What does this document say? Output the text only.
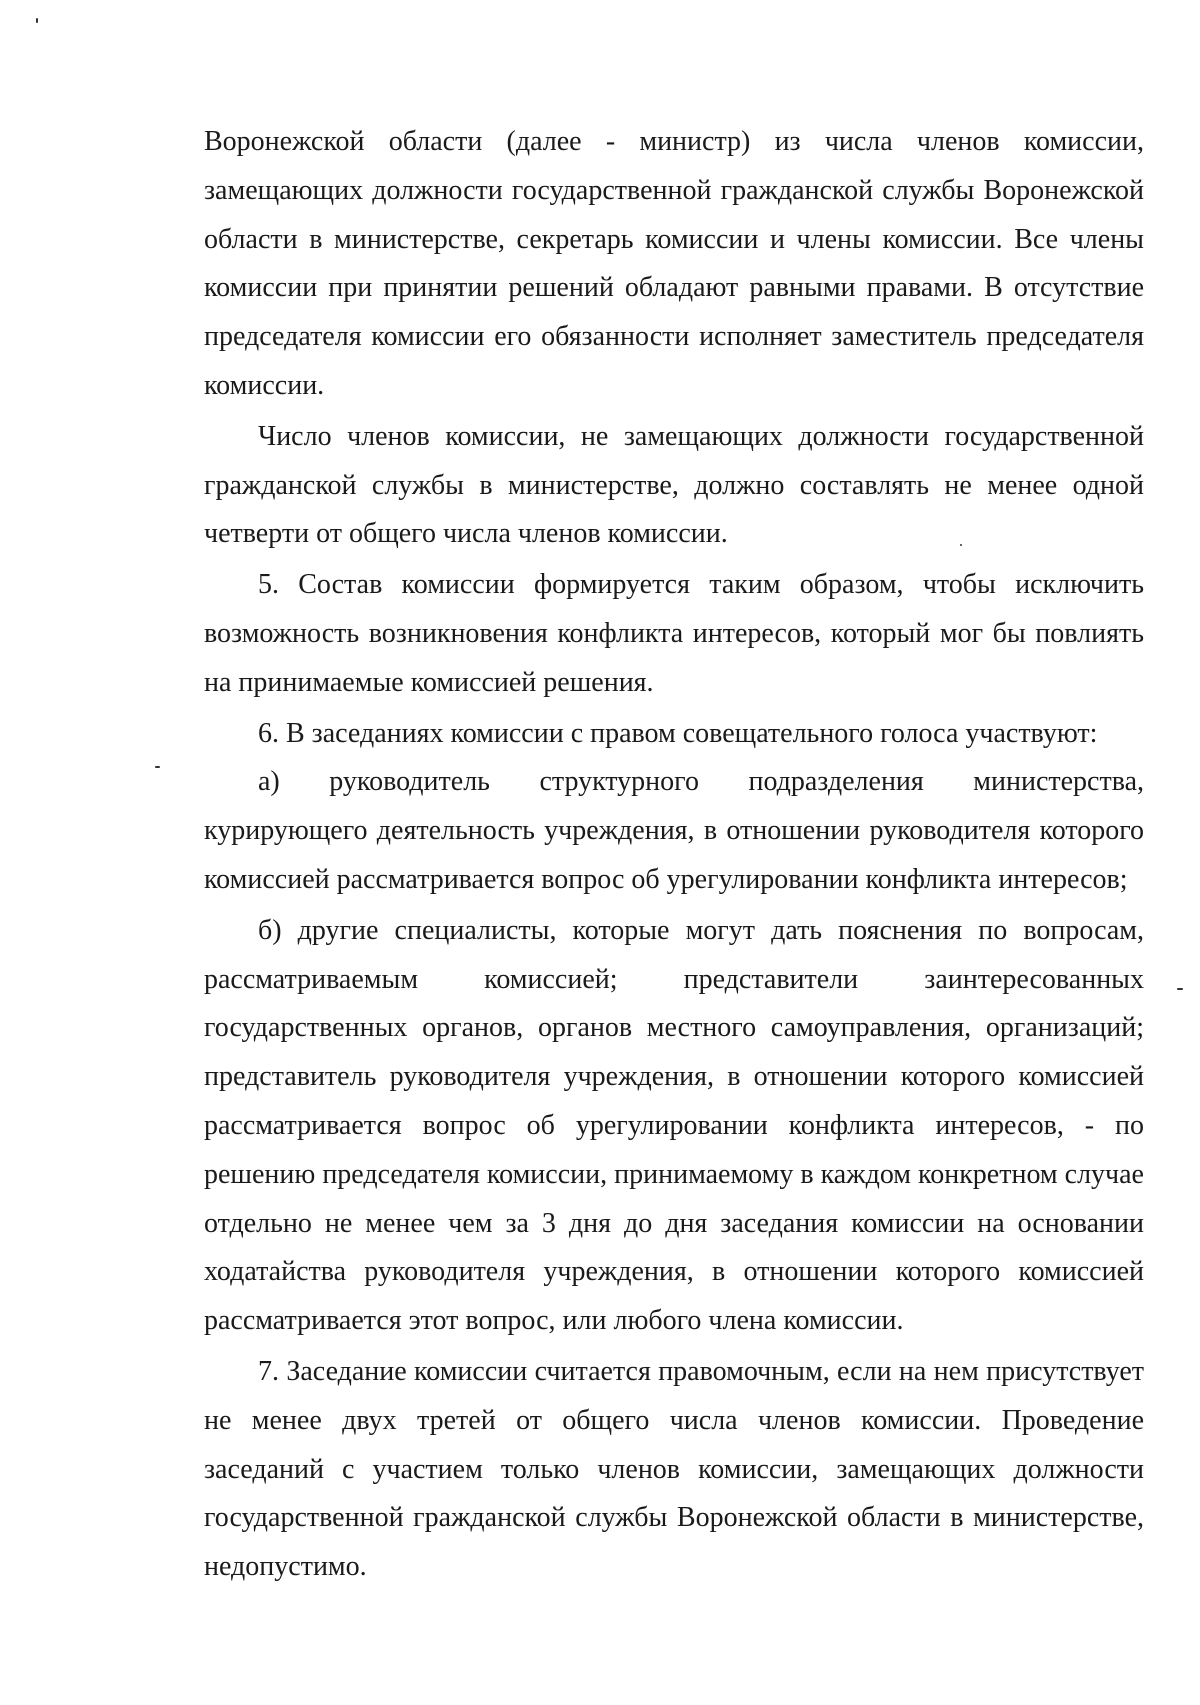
Воронежской области (далее - министр) из числа членов комиссии, замещающих должности государственной гражданской службы Воронежской области в министерстве, секретарь комиссии и члены комиссии. Все члены комиссии при принятии решений обладают равными правами. В отсутствие председателя комиссии его обязанности исполняет заместитель председателя комиссии.

Число членов комиссии, не замещающих должности государственной гражданской службы в министерстве, должно составлять не менее одной четверти от общего числа членов комиссии.

5. Состав комиссии формируется таким образом, чтобы исключить возможность возникновения конфликта интересов, который мог бы повлиять на принимаемые комиссией решения.

6. В заседаниях комиссии с правом совещательного голоса участвуют:

а) руководитель структурного подразделения министерства, курирующего деятельность учреждения, в отношении руководителя которого комиссией рассматривается вопрос об урегулировании конфликта интересов;

б) другие специалисты, которые могут дать пояснения по вопросам, рассматриваемым комиссией; представители заинтересованных государственных органов, органов местного самоуправления, организаций; представитель руководителя учреждения, в отношении которого комиссией рассматривается вопрос об урегулировании конфликта интересов, - по решению председателя комиссии, принимаемому в каждом конкретном случае отдельно не менее чем за 3 дня до дня заседания комиссии на основании ходатайства руководителя учреждения, в отношении которого комиссией рассматривается этот вопрос, или любого члена комиссии.

7. Заседание комиссии считается правомочным, если на нем присутствует не менее двух третей от общего числа членов комиссии. Проведение заседаний с участием только членов комиссии, замещающих должности государственной гражданской службы Воронежской области в министерстве, недопустимо.
